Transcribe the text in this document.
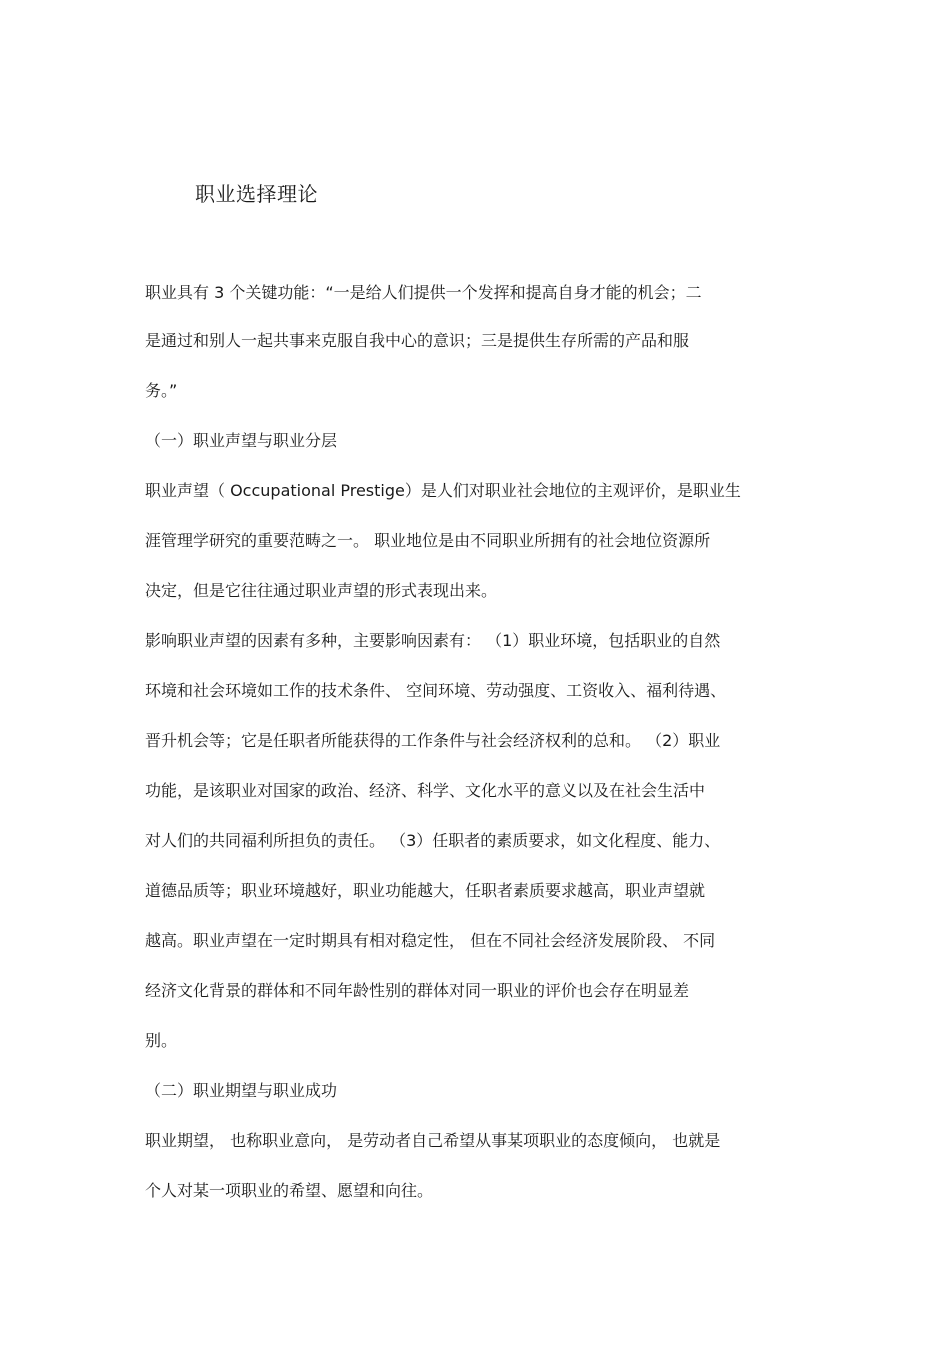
职业选择理论
职业具有 3 个关键功能：“一是给人们提供一个发挥和提高自身才能的机会；二
是通过和别人一起共事来克服自我中心的意识；三是提供生存所需的产品和服
务。”
（一）职业声望与职业分层
职业声望（ Occupational Prestige）是人们对职业社会地位的主观评价，是职业生
涯管理学研究的重要范畴之一。 职业地位是由不同职业所拥有的社会地位资源所
决定，但是它往往通过职业声望的形式表现出来。
影响职业声望的因素有多种，主要影响因素有： （1）职业环境，包括职业的自然
环境和社会环境如工作的技术条件、 空间环境、劳动强度、工资收入、福利待遇、
晋升机会等；它是任职者所能获得的工作条件与社会经济权利的总和。 （2）职业
功能，是该职业对国家的政治、经济、科学、文化水平的意义以及在社会生活中
对人们的共同福利所担负的责任。 （3）任职者的素质要求，如文化程度、能力、
道德品质等；职业环境越好，职业功能越大，任职者素质要求越高，职业声望就
越高。职业声望在一定时期具有相对稳定性， 但在不同社会经济发展阶段、 不同
经济文化背景的群体和不同年龄性别的群体对同一职业的评价也会存在明显差
别。
（二）职业期望与职业成功
职业期望， 也称职业意向， 是劳动者自己希望从事某项职业的态度倾向， 也就是
个人对某一项职业的希望、愿望和向往。
